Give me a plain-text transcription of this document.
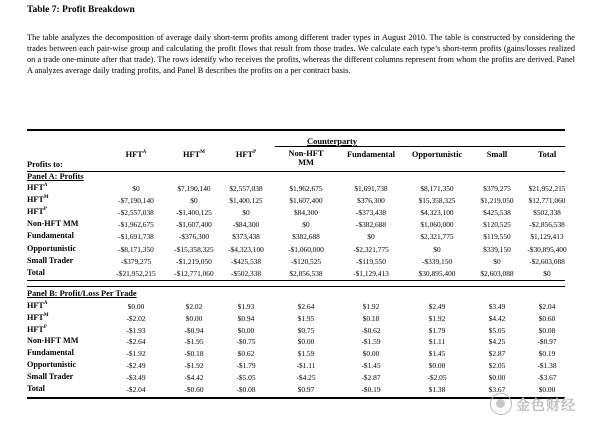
Table 7: Profit Breakdown
The table analyzes the decomposition of average daily short-term profits among different trader types in August 2010. The table is constructed by considering the trades between each pair-wise group and calculating the profit flows that result from those trades. We calculate each type’s short-term profits (gains/losses realized on a trade one-minute after that trade). The rows identify who receives the profits, whereas the different columns represent from whom the profits are derived. Panel A analyzes average daily trading profits, and Panel B describes the profits on a per contract basis.
Counterparty
$HFT^A$	$HFT^M$	$HFT^P$	Non-HFT
MM
Fundamental	Opportunistic	Small	Total
Profits to:
Panel A: Profits
$HFT^A$	$0	$7,190,140	$2,557,038	$1,962,675	$1,691,738	$8,171,350	$379,275	$21,952,215
$HFT^M$	-$7,190,140	$0	$1,400,125	$1,607,400	$376,300	$15,358,325	$1,219,050	$12,771,060
$HFT^P$	-$2,557,038	-$1,400,125	$0	$84,300	-$373,438	$4,323,100	$425,538	$502,338
Non-HFT MM	-$1,962,675	-$1,607,400	-$84,300	$0	-$382,688	$1,060,000	$120,525	-$2,856,538
Fundamental	-$1,691,738	-$376,300	$373,438	$382,688	$0	$2,321,775	$119,550	$1,129,413
Opportunistic	-$8,171,350	-$15,358,325	-$4,323,100	-$1,060,000	-$2,321,775	$0	$339,150	-$30,895,400
Small Trader	-$379,275	-$1,219,050	-$425,538	-$120,525	-$119,550	-$339,150	$0	-$2,603,088
Total	-$21,952,215	-$12,771,060	-$502,338	$2,856,538	-$1,129,413	$30,895,400	$2,603,088	$0
Panel B: Profit/Loss Per Trade
$HFT^A$	$0.00	$2.02	$1.93	$2.64	$1.92	$2.49	$3.49	$2.04
$HFT^M$	-$2.02	$0.00	$0.94	$1.95	$0.18	$1.92	$4.42	$0.60
$HFT^P$	-$1.93	-$0.94	$0.00	$0.75	-$0.62	$1.79	$5.05	$0.08
Non-HFT MM	-$2.64	-$1.95	-$0.75	$0.00	-$1.59	$1.11	$4.25	-$0.97
Fundamental	-$1.92	-$0.18	$0.62	$1.59	$0.00	$1.45	$2.87	$0.19
Opportunistic	-$2.49	-$1.92	-$1.79	-$1.11	-$1.45	$0.00	$2.05	-$1.38
Small Trader	-$3.49	-$4.42	-$5.05	-$4.25	-$2.87	-$2.05	$0.00	-$3.67
Total	-$2.04	-$0.60	-$0.08	$0.97	-$0.19	$1.38	$3.67	$0.00
金色财经
